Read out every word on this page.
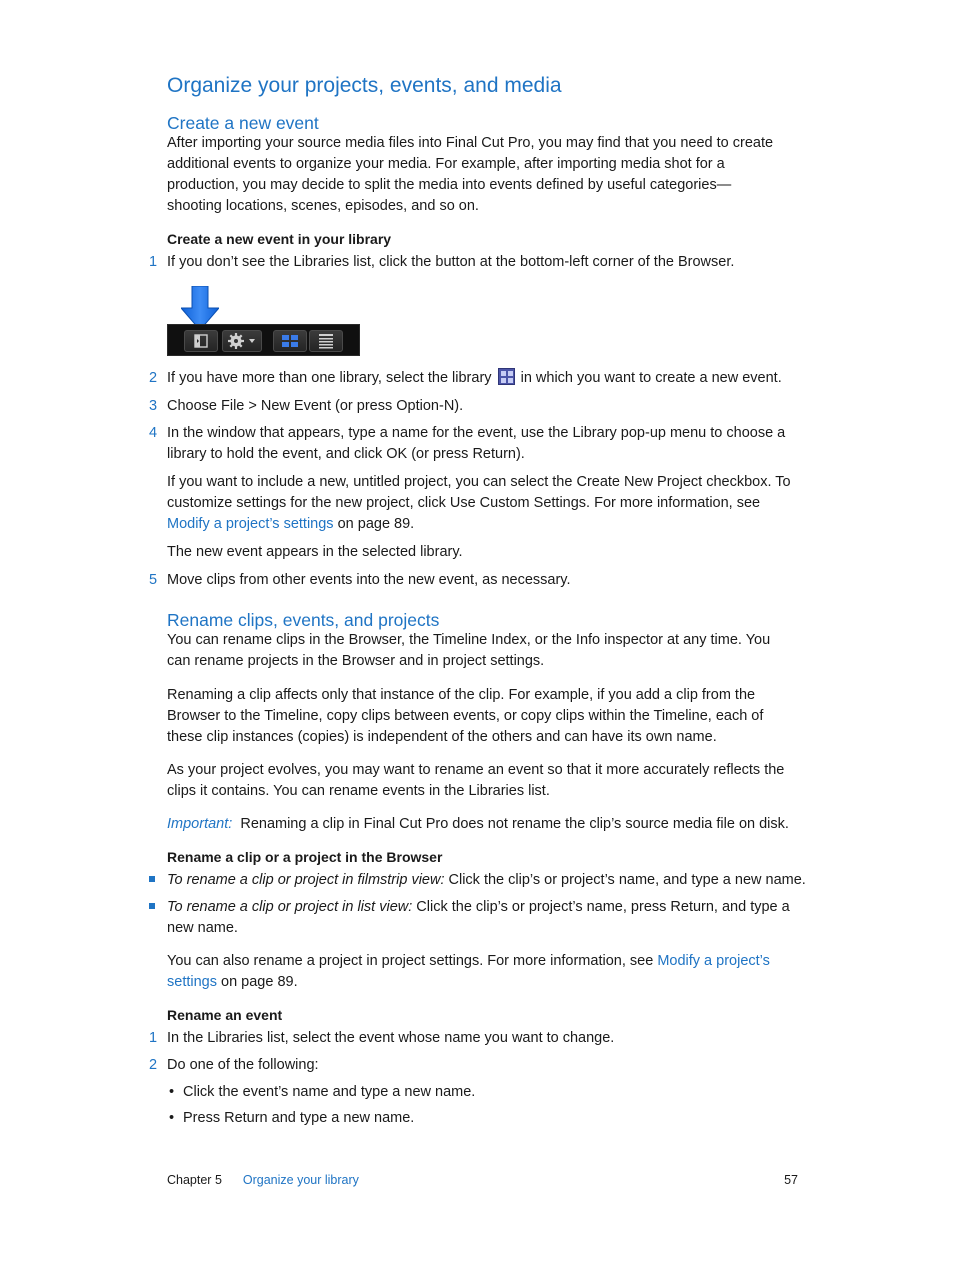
Organize your projects, events, and media
Create a new event

After importing your source media files into Final Cut Pro, you may find that you need to create additional events to organize your media. For example, after importing media shot for a production, you may decide to split the media into events defined by useful categories—shooting locations, scenes, episodes, and so on.

Create a new event in your library

1 If you don’t see the Libraries list, click the button at the bottom-left corner of the Browser.
2 If you have more than one library, select the library in which you want to create a new event.
3 Choose File > New Event (or press Option-N).
4 In the window that appears, type a name for the event, use the Library pop-up menu to choose a library to hold the event, and click OK (or press Return).

If you want to include a new, untitled project, you can select the Create New Project checkbox. To customize settings for the new project, click Use Custom Settings. For more information, see Modify a project’s settings on page 89.

The new event appears in the selected library.

5 Move clips from other events into the new event, as necessary.
Rename clips, events, and projects

You can rename clips in the Browser, the Timeline Index, or the Info inspector at any time. You can rename projects in the Browser and in project settings.

Renaming a clip affects only that instance of the clip. For example, if you add a clip from the Browser to the Timeline, copy clips between events, or copy clips within the Timeline, each of these clip instances (copies) is independent of the others and can have its own name.

As your project evolves, you may want to rename an event so that it more accurately reflects the clips it contains. You can rename events in the Libraries list.

Important: Renaming a clip in Final Cut Pro does not rename the clip’s source media file on disk.

Rename a clip or a project in the Browser

To rename a clip or project in filmstrip view: Click the clip’s or project’s name, and type a new name.
To rename a clip or project in list view: Click the clip’s or project’s name, press Return, and type a new name.

You can also rename a project in project settings. For more information, see Modify a project’s settings on page 89.

Rename an event

1 In the Libraries list, select the event whose name you want to change.
2 Do one of the following:
• Click the event’s name and type a new name.
• Press Return and type a new name.
Chapter 5 Organize your library	57
